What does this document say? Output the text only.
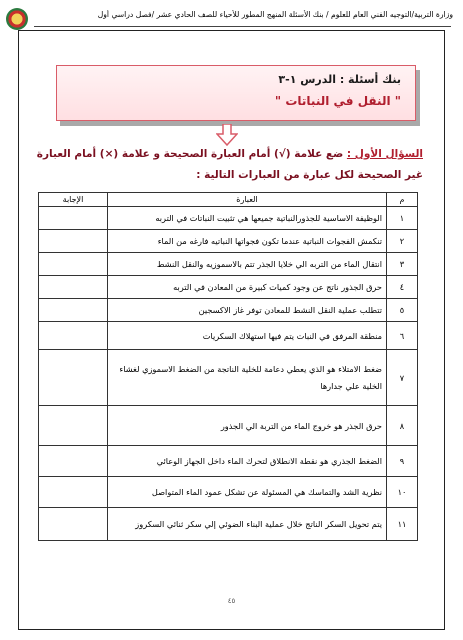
وزارة التربية/التوجيه الفني العام للعلوم / بنك الأسئلة المنهج المطور للأحياء للصف الحادي عشر /فصل دراسي أول
بنك أسئلة : الدرس ١-٣
" النقل في النباتات "
السؤال الأول : ضع علامة (√) أمام العبارة الصحيحة و علامة (×) أمام العبارة غير الصحيحة لكل عبارة من العبارات التالية :
م	العبارة	الإجابة
١	الوظيفة الاساسية للجذورالنباتية جميعها هي تثبيت النباتات في التربه	
٢	تنكمش الفجوات النباتية عندما تكون فجواتها النباتيه فارغه من الماء	
٣	انتقال الماء من التربه الي خلايا الجذر تتم بالاسموزيه والنقل النشط	
٤	حرق الجذور ناتج عن وجود كميات كبيرة من المعادن في التربه	
٥	تتطلب عملية النقل النشط للمعادن توفر غاز الاكسجين	
٦	منطقة المرفق في النبات يتم فيها استهلاك السكريات	
٧	ضغط الامتلاء هو الذي يعطي دعامة للخلية الناتجة من الضغط الاسموزي لغشاء الخلية علي جدارها	
٨	حرق الجذر هو خروج الماء من التربة الي الجذور	
٩	الضغط الجذري هو نقطة الانطلاق لتحرك الماء داخل الجهاز الوعائي	
١٠	نظرية الشد والتماسك هي المسئولة عن تشكل عمود الماء المتواصل	
١١	يتم تحويل السكر الناتج خلال عملية البناء الضوئي إلي سكر ثنائي السكروز	
٤٥
